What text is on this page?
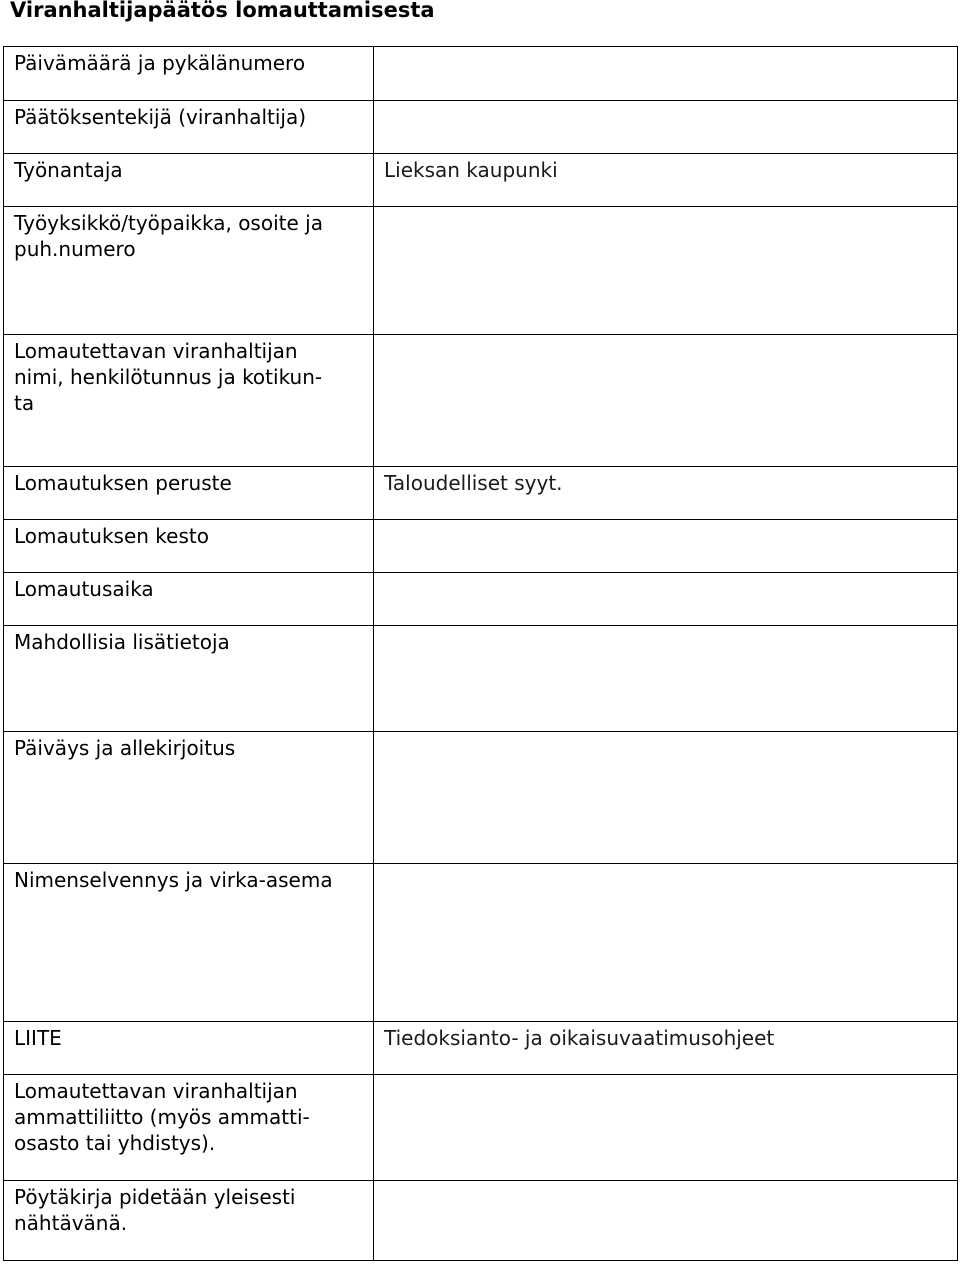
Viranhaltijapäätös lomauttamisesta
Päivämäärä ja pykälänumero	

Päätöksentekijä (viranhaltija)	

Työnantaja	Lieksan kaupunki

Työyksikkö/työpaikka, osoite ja
puh.numero	

Lomautettavan viranhaltijan
nimi, henkilötunnus ja kotikun-
ta	

Lomautuksen peruste	Taloudelliset syyt.

Lomautuksen kesto	

Lomautusaika	

Mahdollisia lisätietoja	

Päiväys ja allekirjoitus	

Nimenselvennys ja virka-asema	

LIITE	Tiedoksianto- ja oikaisuvaatimusohjeet

Lomautettavan viranhaltijan
ammattiliitto (myös ammatti-
osasto tai yhdistys).	

Pöytäkirja pidetään yleisesti
nähtävänä.	
